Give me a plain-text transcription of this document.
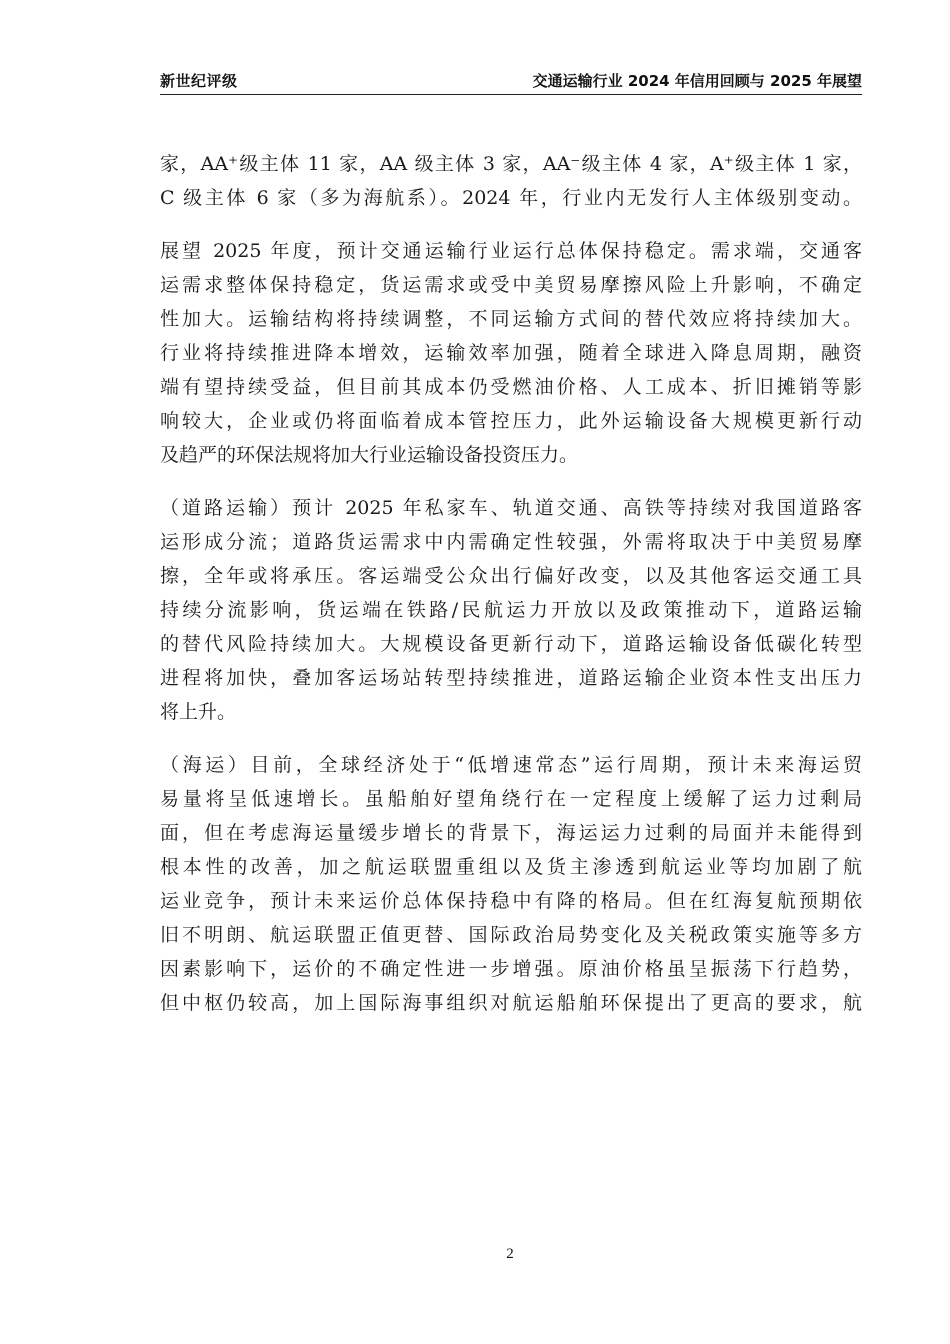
新世纪评级	交通运输行业 2024 年信用回顾与 2025 年展望
家，AA⁺级主体 11 家，AA 级主体 3 家，AA⁻级主体 4 家，A⁺级主体 1 家，
C 级主体 6 家（多为海航系）。2024 年，行业内无发行人主体级别变动。
展望 2025 年度，预计交通运输行业运行总体保持稳定。需求端，交通客
运需求整体保持稳定，货运需求或受中美贸易摩擦风险上升影响，不确定
性加大。运输结构将持续调整，不同运输方式间的替代效应将持续加大。
行业将持续推进降本增效，运输效率加强，随着全球进入降息周期，融资
端有望持续受益，但目前其成本仍受燃油价格、人工成本、折旧摊销等影
响较大，企业或仍将面临着成本管控压力，此外运输设备大规模更新行动
及趋严的环保法规将加大行业运输设备投资压力。
（道路运输）预计 2025 年私家车、轨道交通、高铁等持续对我国道路客
运形成分流；道路货运需求中内需确定性较强，外需将取决于中美贸易摩
擦，全年或将承压。客运端受公众出行偏好改变，以及其他客运交通工具
持续分流影响，货运端在铁路/民航运力开放以及政策推动下，道路运输
的替代风险持续加大。大规模设备更新行动下，道路运输设备低碳化转型
进程将加快，叠加客运场站转型持续推进，道路运输企业资本性支出压力
将上升。
（海运）目前，全球经济处于“低增速常态”运行周期，预计未来海运贸
易量将呈低速增长。虽船舶好望角绕行在一定程度上缓解了运力过剩局
面，但在考虑海运量缓步增长的背景下，海运运力过剩的局面并未能得到
根本性的改善，加之航运联盟重组以及货主渗透到航运业等均加剧了航
运业竞争，预计未来运价总体保持稳中有降的格局。但在红海复航预期依
旧不明朗、航运联盟正值更替、国际政治局势变化及关税政策实施等多方
因素影响下，运价的不确定性进一步增强。原油价格虽呈振荡下行趋势，
但中枢仍较高，加上国际海事组织对航运船舶环保提出了更高的要求，航
2
